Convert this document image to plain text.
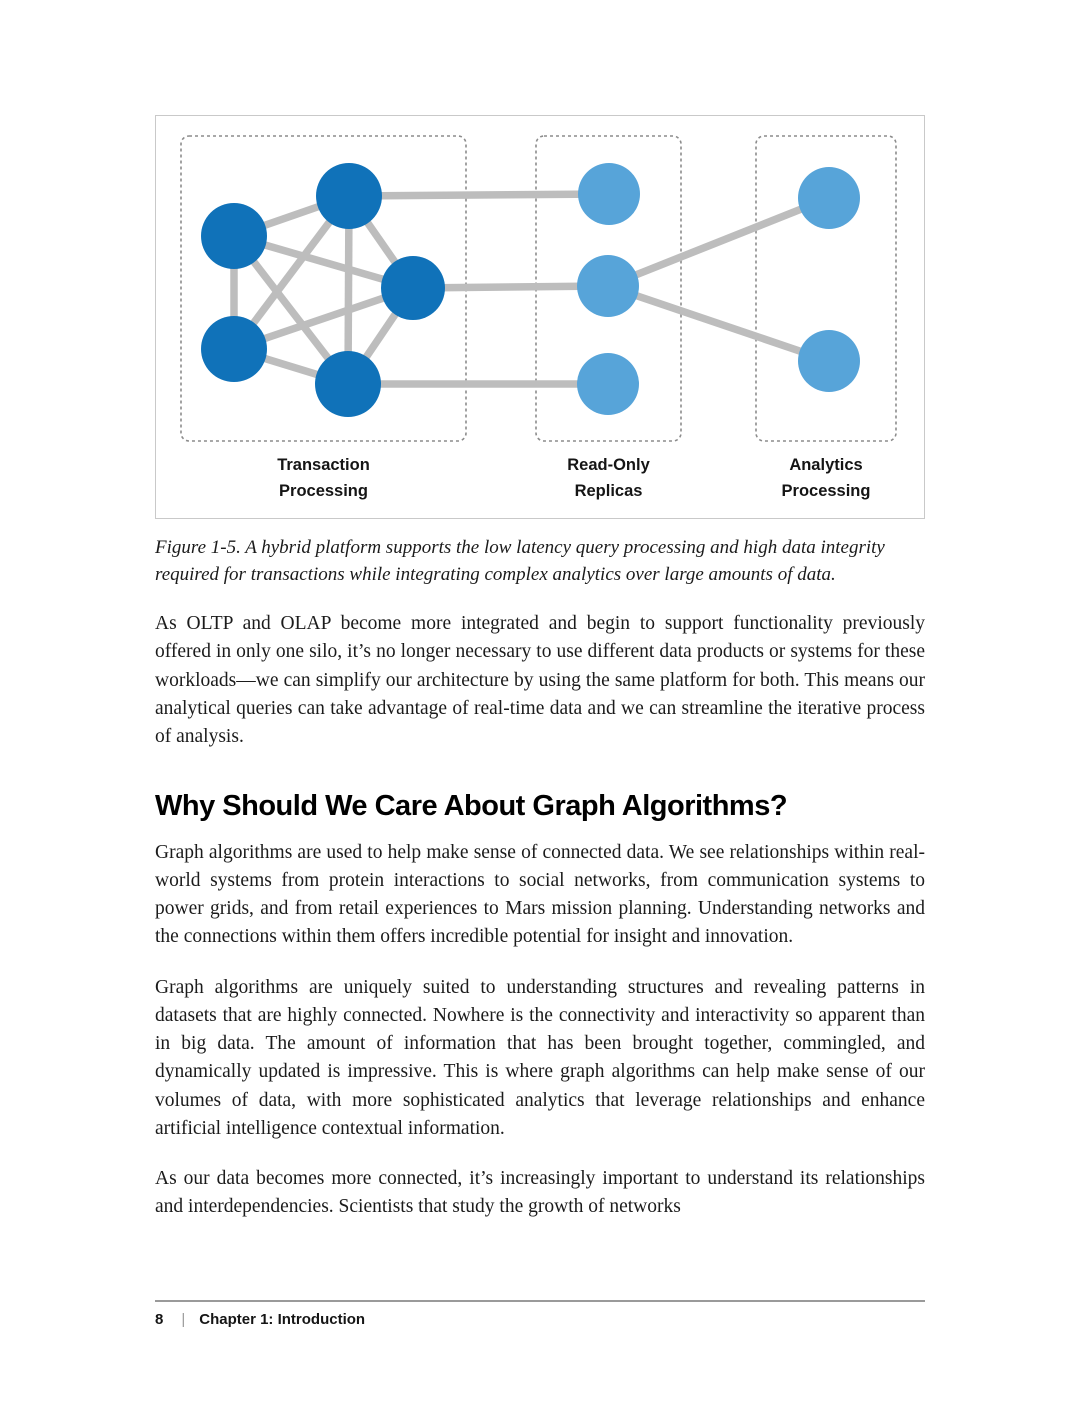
Transaction
Processing
Read-Only
Replicas
Analytics
Processing
Figure 1-5. A hybrid platform supports the low latency query processing and high data integrity required for transactions while integrating complex analytics over large amounts of data.
As OLTP and OLAP become more integrated and begin to support functionality previously offered in only one silo, it’s no longer necessary to use different data products or systems for these workloads—we can simplify our architecture by using the same platform for both. This means our analytical queries can take advantage of real-time data and we can streamline the iterative process of analysis.
Why Should We Care About Graph Algorithms?
Graph algorithms are used to help make sense of connected data. We see relationships within real-world systems from protein interactions to social networks, from communication systems to power grids, and from retail experiences to Mars mission planning. Understanding networks and the connections within them offers incredible potential for insight and innovation.
Graph algorithms are uniquely suited to understanding structures and revealing patterns in datasets that are highly connected. Nowhere is the connectivity and interactivity so apparent than in big data. The amount of information that has been brought together, commingled, and dynamically updated is impressive. This is where graph algorithms can help make sense of our volumes of data, with more sophisticated analytics that leverage relationships and enhance artificial intelligence contextual information.
As our data becomes more connected, it’s increasingly important to understand its relationships and interdependencies. Scientists that study the growth of networks
8 | Chapter 1: Introduction
